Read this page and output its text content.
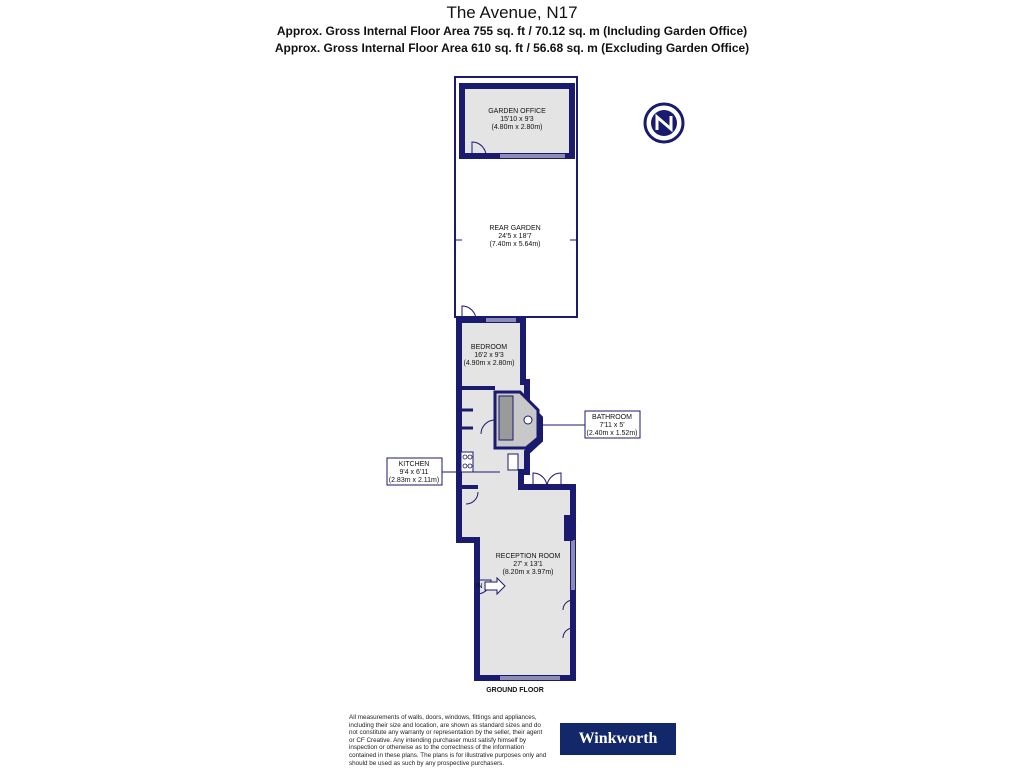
The Avenue, N17
Approx. Gross Internal Floor Area 755 sq. ft / 70.12 sq. m (Including Garden Office)
Approx. Gross Internal Floor Area 610 sq. ft / 56.68 sq. m (Excluding Garden Office)
IN
GARDEN OFFICE
15'10 x 9'3
(4.80m x 2.80m)
REAR GARDEN
24'5 x 18'7
(7.40m x 5.64m)
BEDROOM
16'2 x 9'3
(4.90m x 2.80m)
RECEPTION ROOM
27' x 13'1
(8.20m x 3.97m)
BATHROOM
7'11 x 5'
(2.40m x 1.52m)
KITCHEN
9'4 x 6'11
(2.83m x 2.11m)
GROUND FLOOR
All measurements of walls, doors, windows, fittings and appliances, including their size and location, are shown as standard sizes and do not constitute any warranty or representation by the seller, their agent or CF Creative. Any intending purchaser must satisfy himself by inspection or otherwise as to the correctness of the information contained in these plans. The plans is for illustrative purposes only and should be used as such by any prospective purchasers.
Winkworth
